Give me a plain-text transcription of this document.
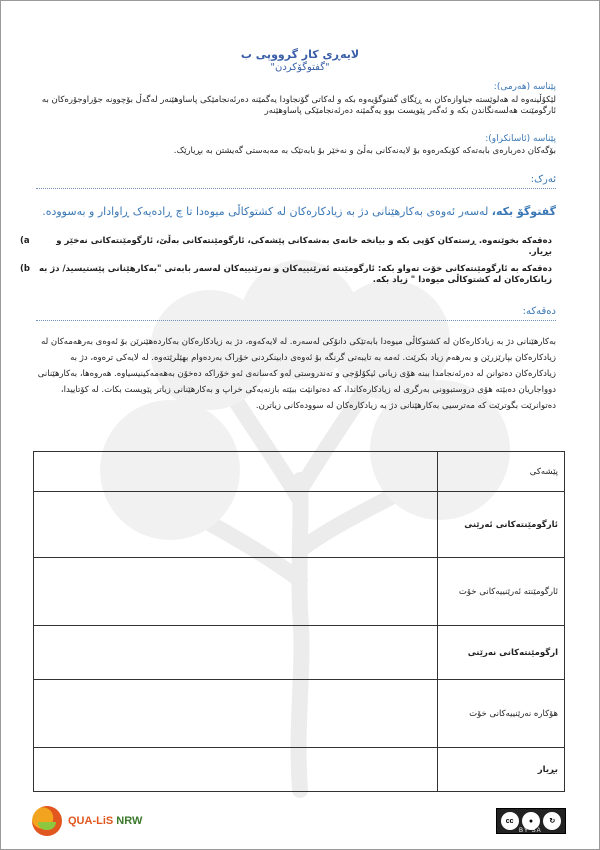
لایەڕی کار گرووپی ب
"گفتوگۆکردن"
پێناسە (ھەرمی):
لێکۆڵینەوە لە ھەلوێستە جیاوازەکان بە ڕێگای گفتوگۆیەوە بکە و لەکاتی گۆنجاودا یەگمێنە دەرئەنجامێکی پاساوھێنەر لەگەڵ بۆچوونە جۆراوجۆرەکان بە ئارگومێنت ھەلسەنگاندن بکە و ئەگەر پێویست بوو یەگمێنە دەرئەنجامێکی پاساوھێنەر
پێناسە (ئاسانکراو):
بۆگەکان دەربارەی بابەتەکە کۆبکەرەوە بۆ لایەنەکانی بەڵێ و نەخێر بۆ بابەتێک بە مەبەستی گەیشتن بە بڕیارێک.
ئەرک:
گفتوگۆ بکە، لەسەر ئەوەی بەکارھێنانی دژ بە زیادکارەکان لە کشتوکاڵی میوەدا تا چ ڕادەیەک ڕاوادار و بەسوودە.
a)	دەقەکە بخوێنەوە. ڕستەکان کۆپی بکە و بیانخە خانەی بەشەکانی پێشەکی، ئارگومێنتەکانی بەڵێ، ئارگومێنتەکانی نەخێر و بڕیار.
b) دەقەکە بە ئارگومێنتەکانی خۆت تەواو بکە: ئارگومێنتە ئەرێنییەکان و نەرێنییەکان لەسەر بابەتی "بەکارھێنانی پێستیسید/ دژ بە زیانکارەکان لە کشتوکاڵی میوەدا " زیاد بکە.
دەقەکە:
بەکارھێنانی دژ بە زیادکارەکان لە کشتوکاڵی میوەدا بابەتێکی دانۆکی لەسەرە. لە لایەکەوە، دژ بە زیادکارەکان بەکاردەھێنرێن بۆ ئەوەی بەرھەمەکان لە زیادکارەکان بپارێزرێن و بەرھەم زیاد بکرێت. ئەمە بە تایبەتی گرنگە بۆ ئەوەی دابینکردنی خۆراک بەردەوام بھێلرێتەوە. لە لایەکی ترەوە، دژ بە زیادکارەکان دەتوانن لە دەرئەنجامدا ببنە ھۆی زیانی ئیکۆلۆجی و تەندروستی لەو کەسانەی ئەو خۆراکە دەخۆن بەھەمەکینیسیاوە. ھەروەھا، بەکارھێنانی دوواجاریان دەبێتە ھۆی دروستبوونی بەرگری لە زیادکارەکاندا، کە دەتوانێت ببێتە بازنەیەکی خراپ و بەکارھێنانی زیاتر پێویست بکات. لە کۆتاییدا، دەتوانرێت بگوترێت کە مەترسیی بەکارھێنانی دژ بە زیادکارەکان لە سوودەکانی زیاترن.
	پێشەکی
	ئارگومێنتەکانی ئەرێنی
	ئارگومێنتە ئەرێنییەکانی خۆت
	ارگومێنتەکانی نەرێنی
	ھۆکارە نەرێنییەکانی خۆت
	بڕیار
QUA-LiS NRW	cc	●	↻
BY SA
